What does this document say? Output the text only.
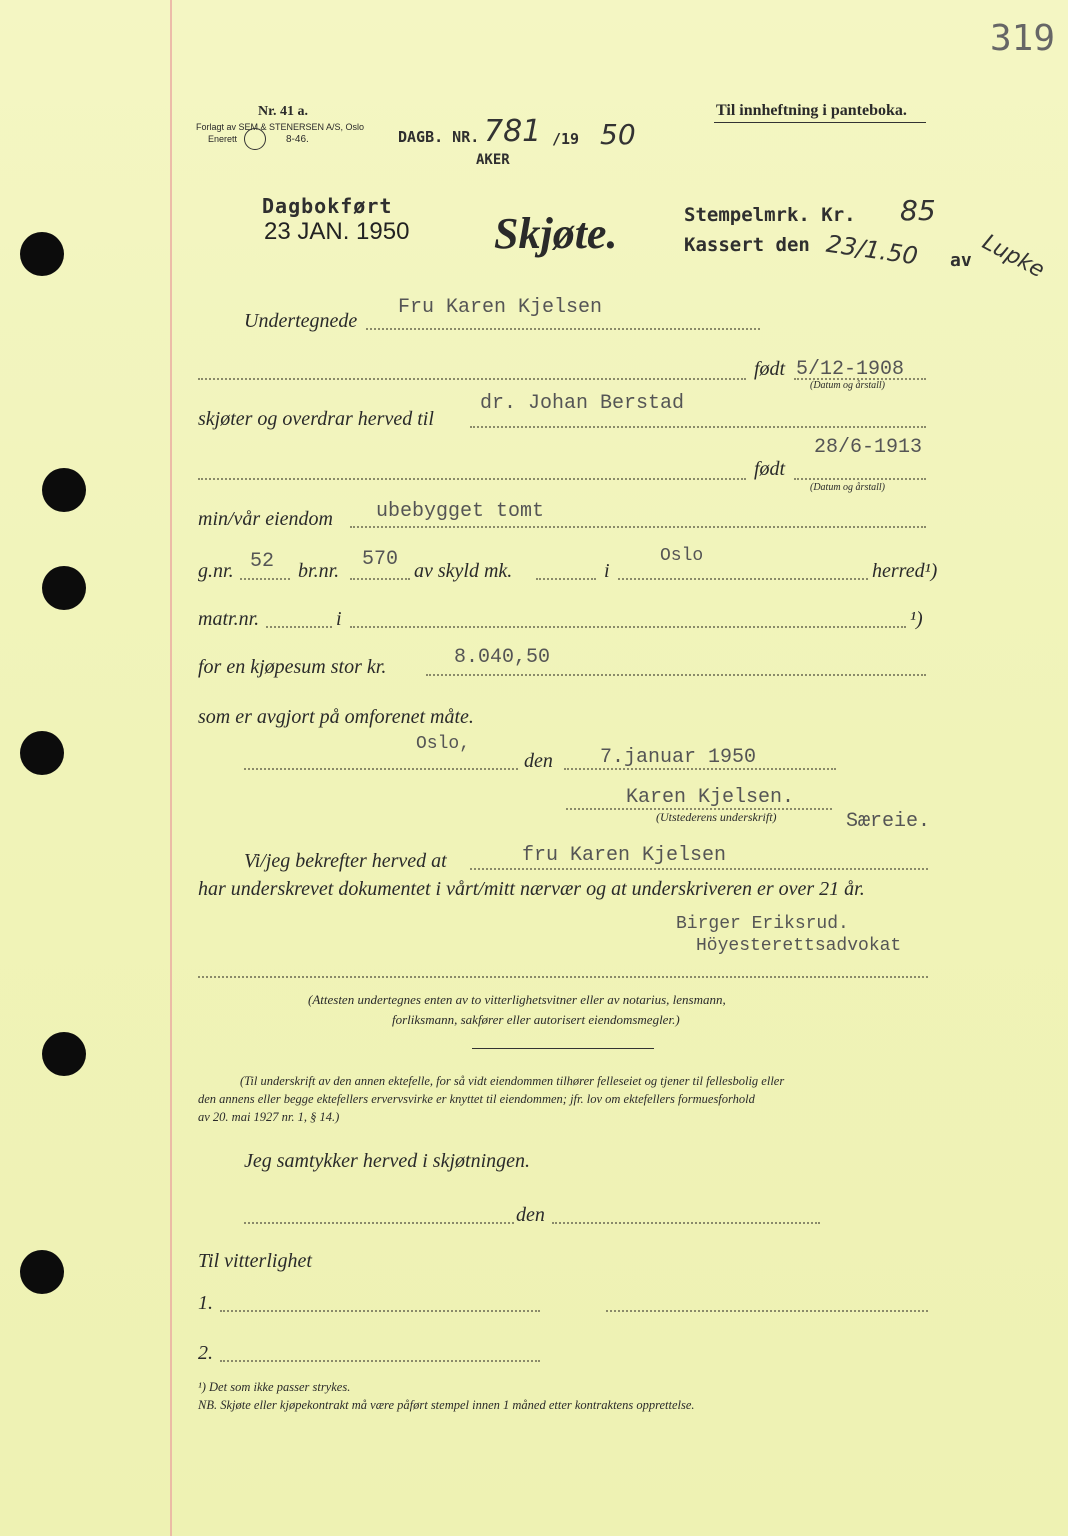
319
Nr. 41 a.
Forlagt av SEM & STENERSEN A/S, Oslo
Enerett	8-46.	DAGB. NR. 781 /19 50
AKER
Til innheftning i panteboka.
Dagbokført
23 JAN. 1950 Skjøte.	Stempelmrk. Kr. 85
Kassert den 23/1.50 av Lupke
Undertegnede
Fru Karen Kjelsen
født 5/12-1908
(Datum og årstall)
skjøter og overdrar herved til
dr. Johan Berstad
28/6-1913
født
(Datum og årstall)
min/vår eiendom ubebygget tomt
g.nr. 52 br.nr. 570 av skyld mk.	i
Oslo
herred¹)
matr.nr.	i	¹)
for en kjøpesum stor kr.	8.040,50
som er avgjort på omforenet måte.
Oslo,
den 7.januar 1950
Karen Kjelsen.
(Utstederens underskrift)	Særeie.
Vi/jeg bekrefter herved at	fru Karen Kjelsen
har underskrevet dokumentet i vårt/mitt nærvær og at underskriveren er over 21 år.
Birger Eriksrud.
Höyesterettsadvokat
(Attesten undertegnes enten av to vitterlighetsvitner eller av notarius, lensmann,
forliksmann, sakfører eller autorisert eiendomsmegler.)
(Til underskrift av den annen ektefelle, for så vidt eiendommen tilhører felleseiet og tjener til fellesbolig eller
den annens eller begge ektefellers ervervsvirke er knyttet til eiendommen; jfr. lov om ektefellers formuesforhold
av 20. mai 1927 nr. 1, § 14.)
Jeg samtykker herved i skjøtningen.
den
Til vitterlighet
1.
2.
¹) Det som ikke passer strykes.
NB. Skjøte eller kjøpekontrakt må være påført stempel innen 1 måned etter kontraktens opprettelse.
